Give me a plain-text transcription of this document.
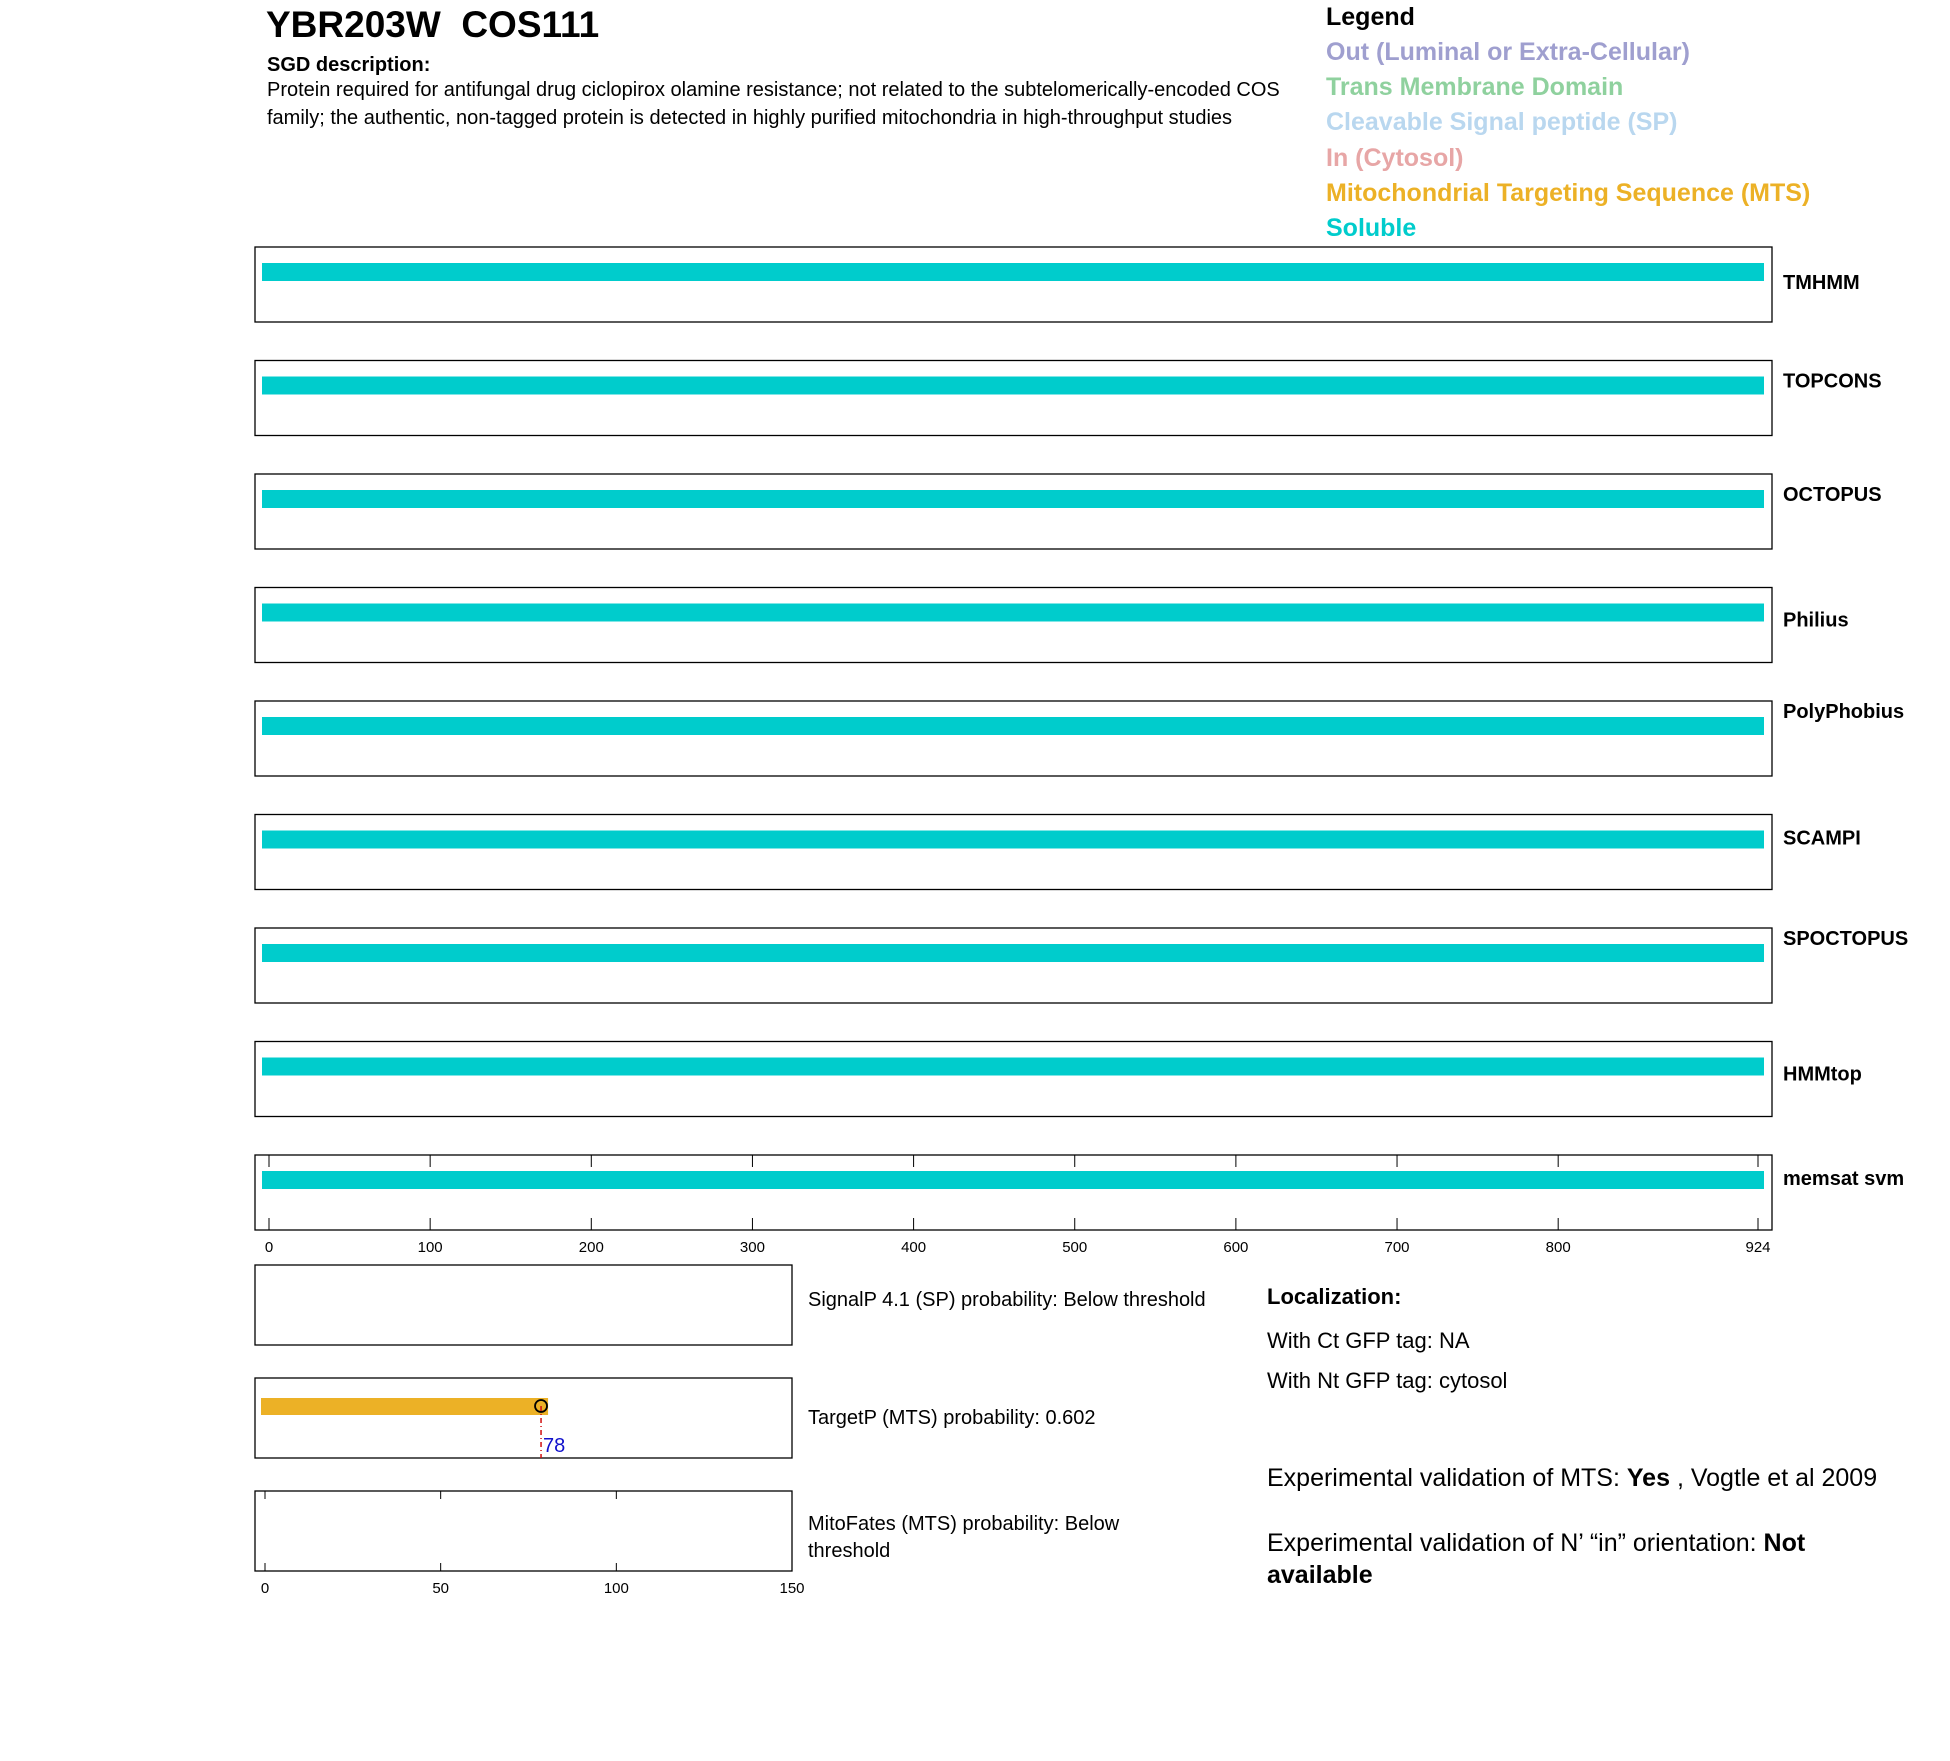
YBR203W  COS111
SGD description:
Protein required for antifungal drug ciclopirox olamine resistance; not related to the subtelomerically-encoded COS family; the authentic, non-tagged protein is detected in highly purified mitochondria in high-throughput studies
Legend
Out (Luminal or Extra-Cellular)
Trans Membrane Domain
Cleavable Signal peptide (SP)
In (Cytosol)
Mitochondrial Targeting Sequence (MTS)
Soluble
TMHMM
TOPCONS
OCTOPUS
Philius
PolyPhobius
SCAMPI
SPOCTOPUS
HMMtop
memsat svm
0	100	200	300	400	500	600	700	800	924
78
0	50	100	150
SignalP 4.1 (SP) probability: Below threshold
TargetP (MTS) probability: 0.602
MitoFates (MTS) probability: Below threshold
Localization:
With Ct GFP tag: NA
With Nt GFP tag: cytosol
Experimental validation of MTS: Yes , Vogtle et al 2009
Experimental validation of N’ “in” orientation: Not available
